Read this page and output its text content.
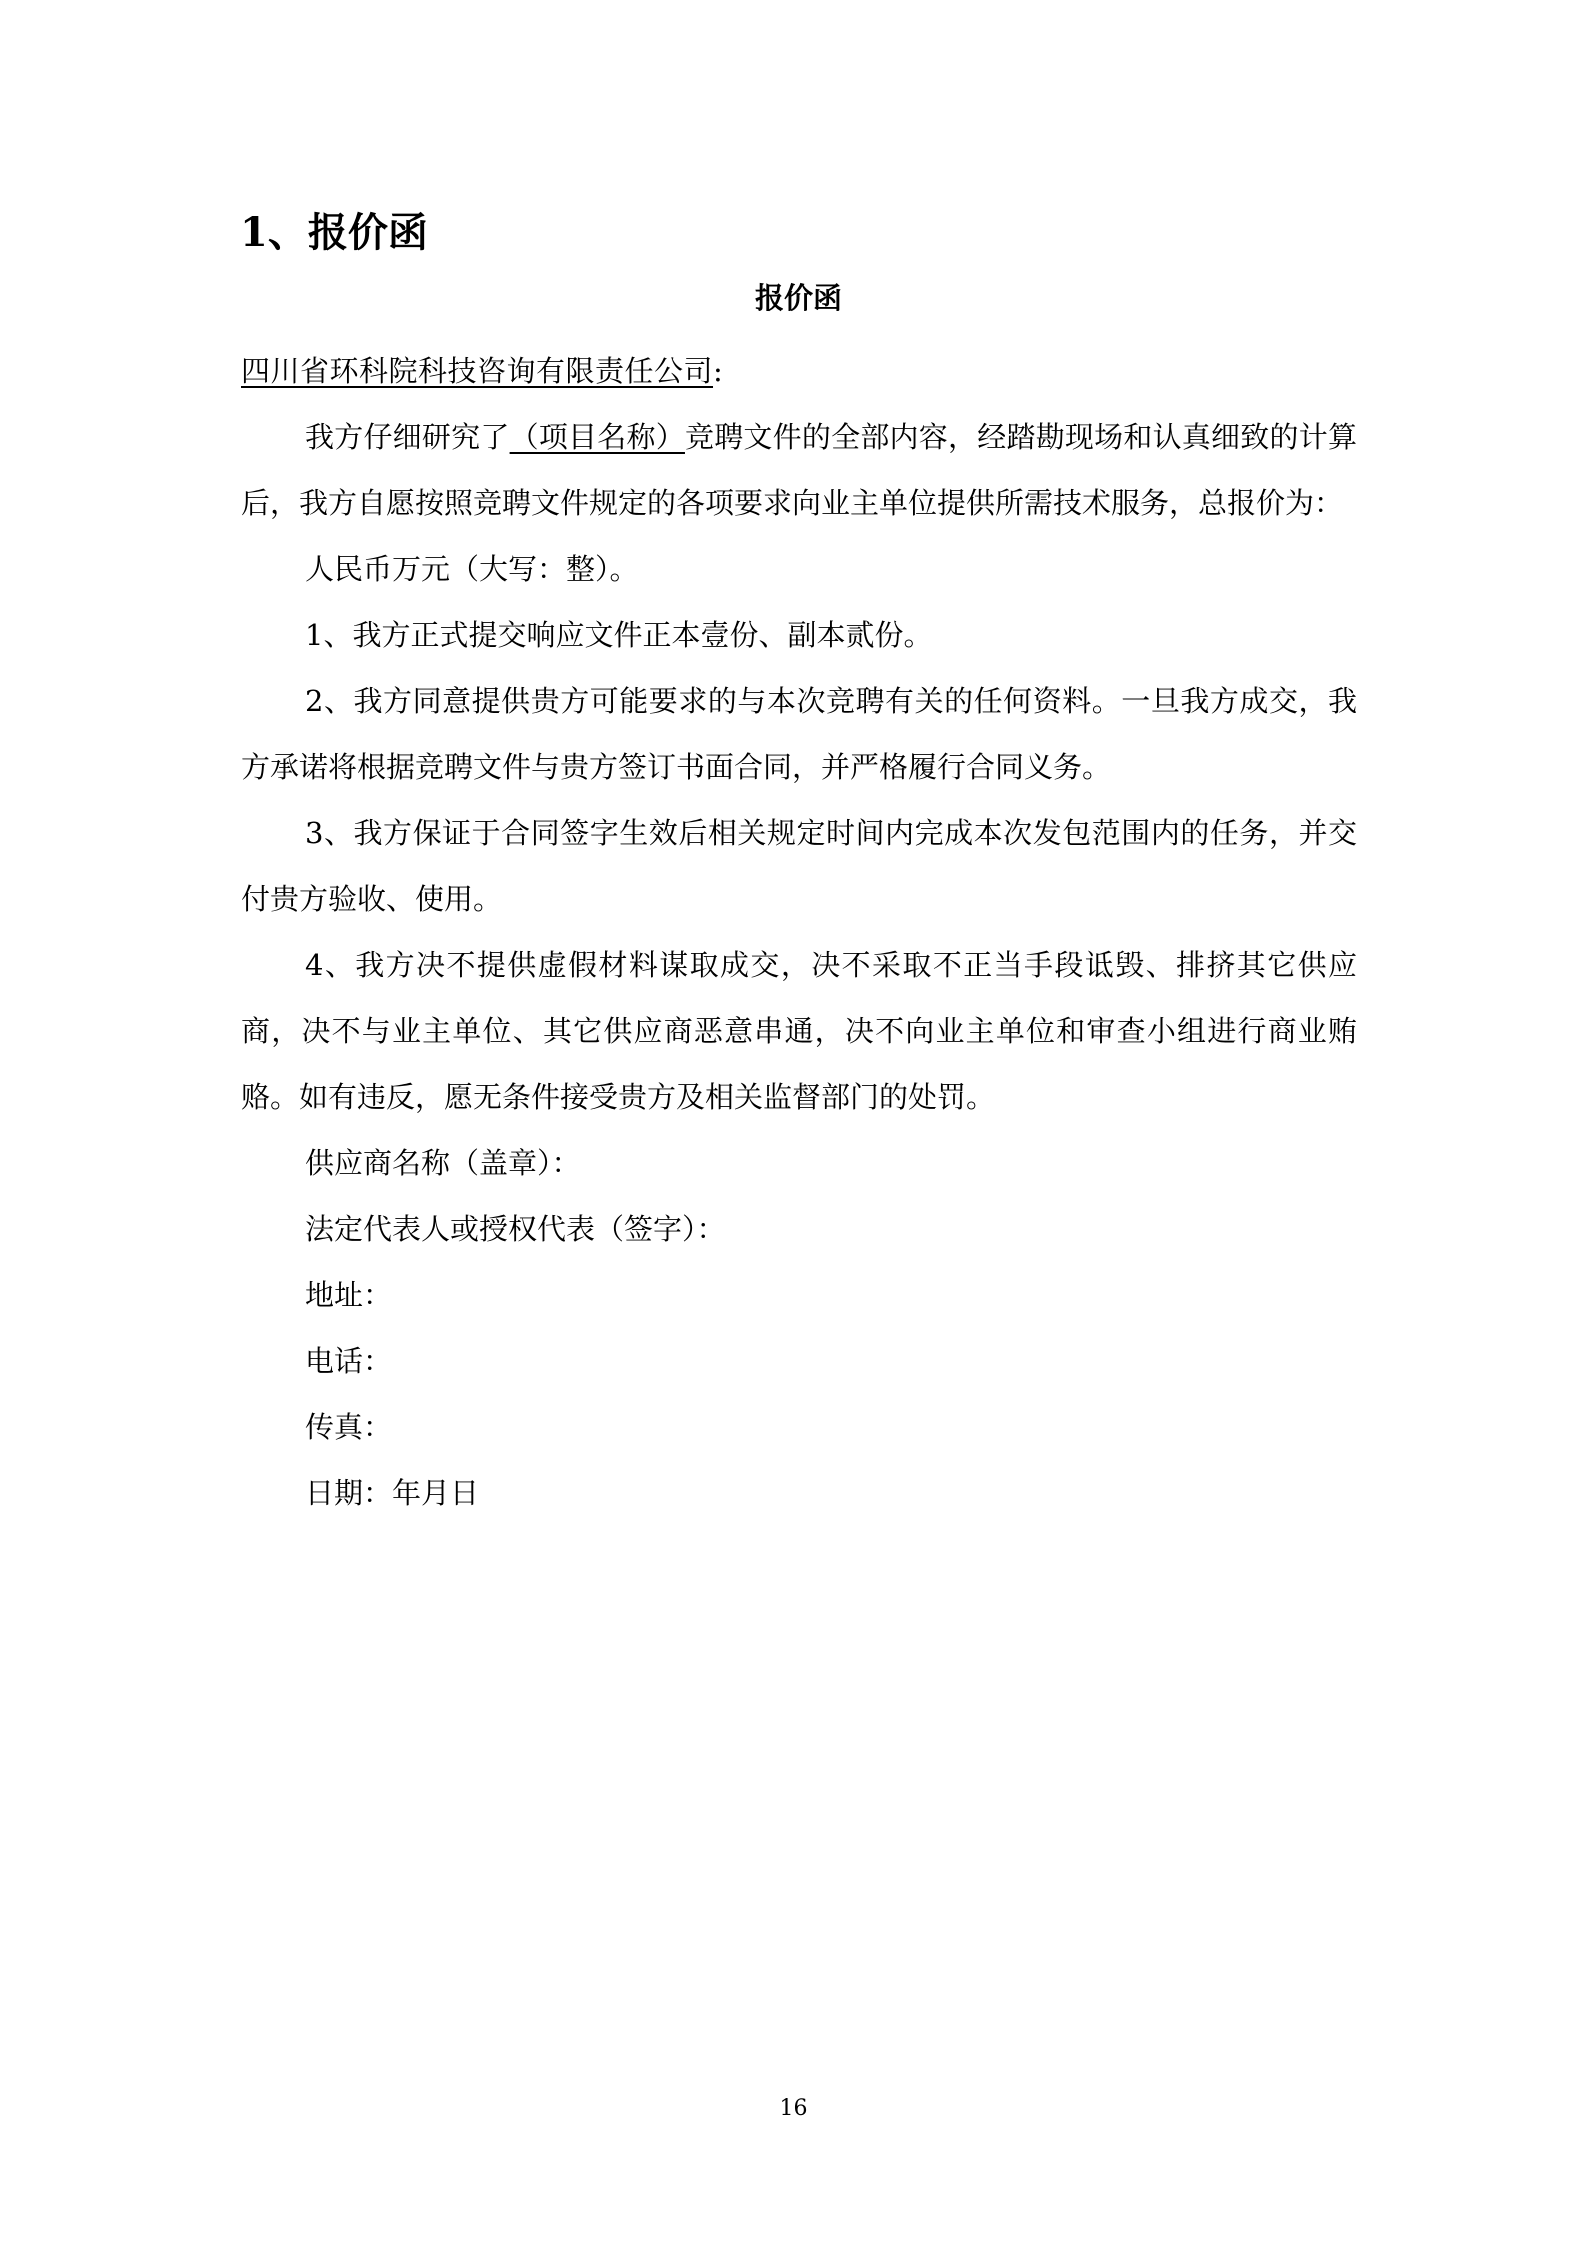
1、报价函
报价函

四川省环科院科技咨询有限责任公司:

我方仔细研究了（项目名称）竞聘文件的全部内容，经踏勘现场和认真细致的计算后，我方自愿按照竞聘文件规定的各项要求向业主单位提供所需技术服务，总报价为：

人民币万元（大写：整）。

1、我方正式提交响应文件正本壹份、副本贰份。

2、我方同意提供贵方可能要求的与本次竞聘有关的任何资料。一旦我方成交，我方承诺将根据竞聘文件与贵方签订书面合同，并严格履行合同义务。

3、我方保证于合同签字生效后相关规定时间内完成本次发包范围内的任务，并交付贵方验收、使用。

4、我方决不提供虚假材料谋取成交，决不采取不正当手段诋毁、排挤其它供应商，决不与业主单位、其它供应商恶意串通，决不向业主单位和审查小组进行商业贿赂。如有违反，愿无条件接受贵方及相关监督部门的处罚。

供应商名称（盖章）：

法定代表人或授权代表（签字）：

地址：

电话：

传真：

日期：年月日

16
